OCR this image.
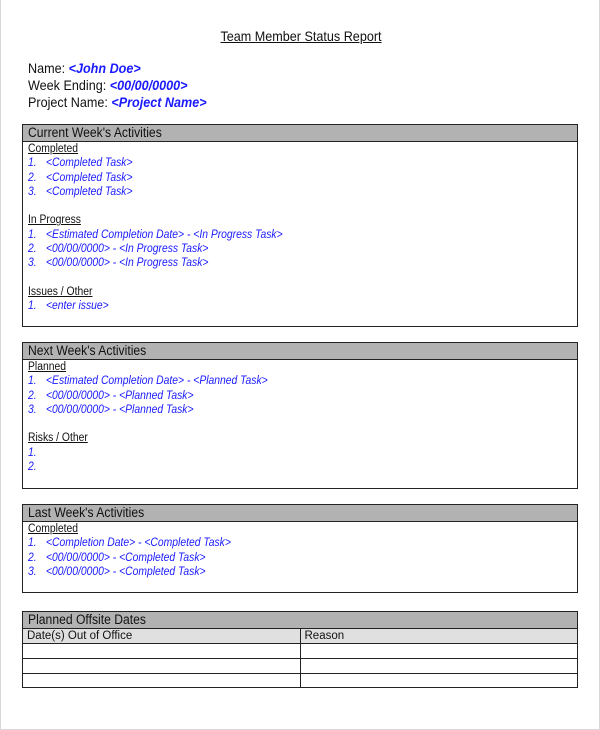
Team Member Status Report
Name: <John Doe>
Week Ending: <00/00/0000>
Project Name: <Project Name>
Current Week's Activities
Completed
1. <Completed Task>
2. <Completed Task>
3. <Completed Task>
In Progress
1. <Estimated Completion Date> - <In Progress Task>
2. <00/00/0000> - <In Progress Task>
3. <00/00/0000> - <In Progress Task>
Issues / Other
1. <enter issue>
Next Week's Activities
Planned
1. <Estimated Completion Date> - <Planned Task>
2. <00/00/0000> - <Planned Task>
3. <00/00/0000> - <Planned Task>
Risks / Other
1.
2.
Last Week's Activities
Completed
1. <Completion Date> - <Completed Task>
2. <00/00/0000> - <Completed Task>
3. <00/00/0000> - <Completed Task>
Planned Offsite Dates
Date(s) Out of Office	Reason
